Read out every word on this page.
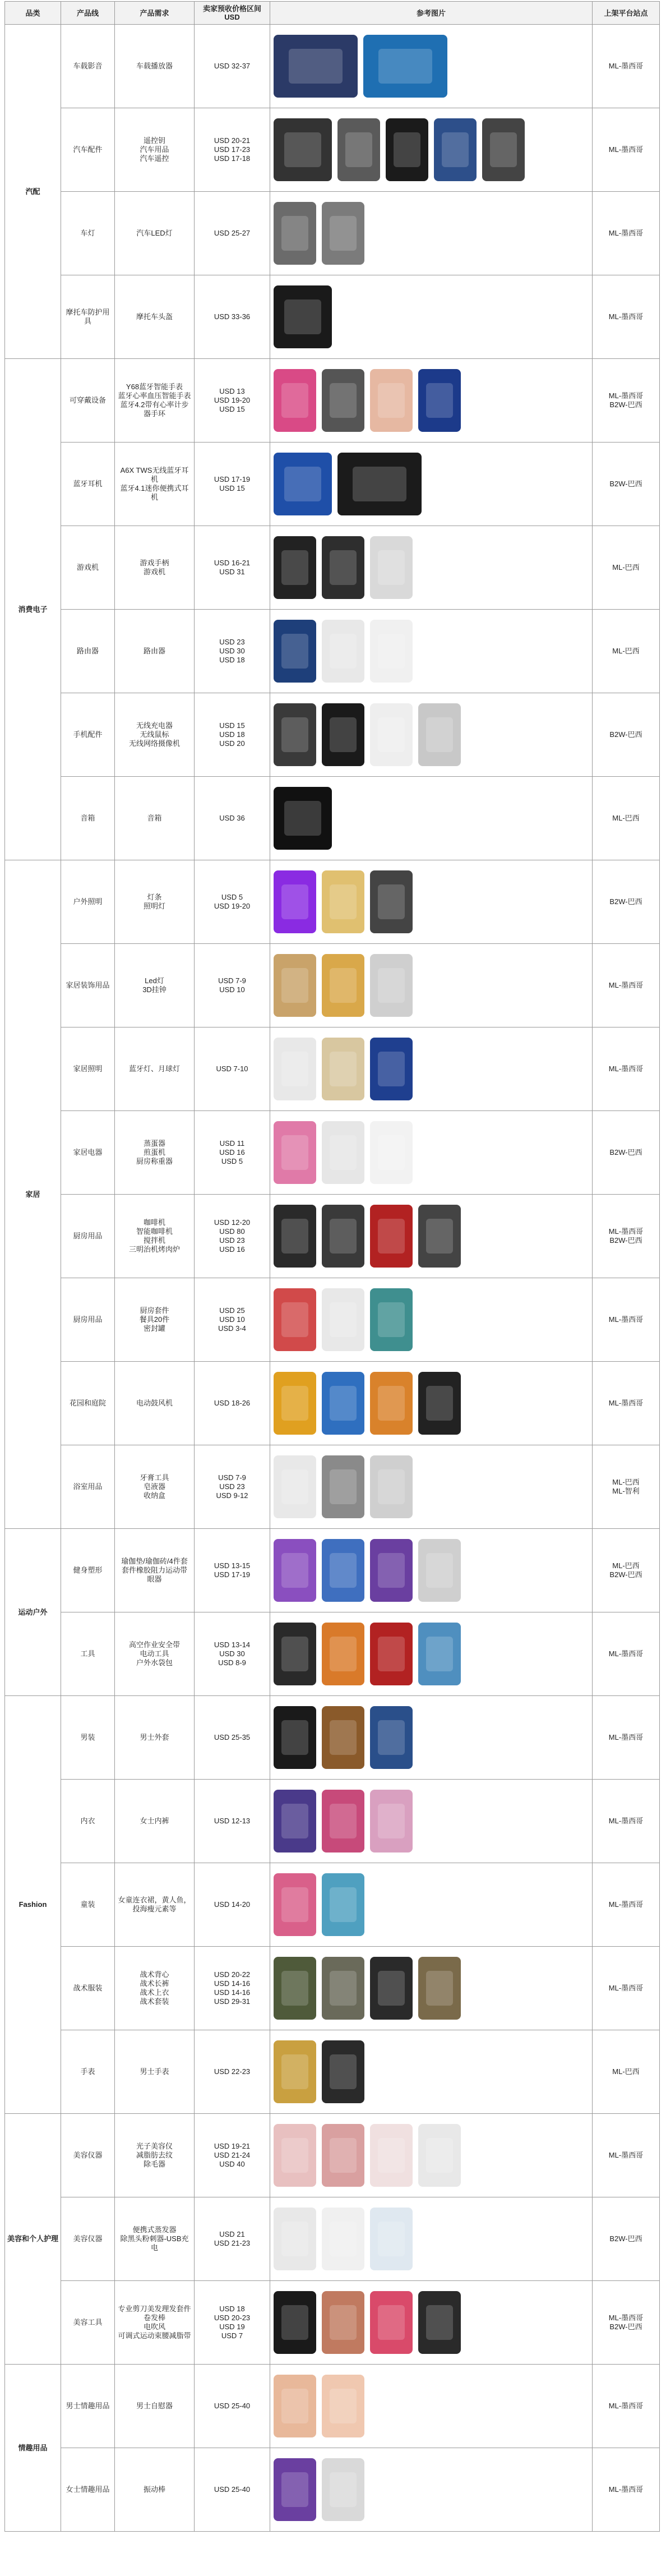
品类	产品线	产品需求	卖家预收价格区间 USD	参考图片	上架平台站点
汽配	车载影音	车载播放器	USD 32-37		ML-墨西哥
	汽车配件	遥控钥
汽车用品
汽车遥控	USD 20-21
USD 17-23
USD 17-18		ML-墨西哥
	车灯	汽车LED灯	USD 25-27		ML-墨西哥
	摩托车防护用具	摩托车头盔	USD 33-36		ML-墨西哥
消费电子	可穿戴设备	Y68蓝牙智能手表
蓝牙心率血压智能手表
蓝牙4.2带有心率计步器手环	USD 13
USD 19-20
USD 15		ML-墨西哥
B2W-巴西
	蓝牙耳机	A6X TWS无线蓝牙耳机
蓝牙4.1迷你便携式耳机	USD 17-19
USD 15		B2W-巴西
	游戏机	游戏手柄
游戏机	USD 16-21
USD 31		ML-巴西
	路由器	路由器	USD 23
USD 30
USD 18		ML-巴西
	手机配件	无线充电器
无线鼠标
无线网络摄像机	USD 15
USD 18
USD 20		B2W-巴西
	音箱	音箱	USD 36		ML-巴西
家居	户外照明	灯条
照明灯	USD 5
USD 19-20		B2W-巴西
	家居装饰用品	Led灯
3D挂钟	USD 7-9
USD 10		ML-墨西哥
	家居照明	蓝牙灯、月球灯	USD 7-10		ML-墨西哥
	家居电器	蒸蛋器
煎蛋机
厨房称重器	USD 11
USD 16
USD 5		B2W-巴西
	厨房用品	咖啡机
智能咖啡机
搅拌机
三明治机烤肉炉	USD 12-20
USD 80
USD 23
USD 16		ML-墨西哥
B2W-巴西
	厨房用品	厨房套件
餐具20件
密封罐	USD 25
USD 10
USD 3-4		ML-墨西哥
	花园和庭院	电动鼓风机	USD 18-26		ML-墨西哥
	浴室用品	牙膏工具
皂液器
收纳盒	USD 7-9
USD 23
USD 9-12		ML-巴西
ML-智利
运动户外	健身塑形	瑜伽垫/瑜伽砖/4件套
套件橡胶阻力运动带
眼器	USD 13-15
USD 17-19		ML-巴西
B2W-巴西
	工具	高空作业安全带
电动工具
户外水袋包	USD 13-14
USD 30
USD 8-9		ML-墨西哥
Fashion	男装	男士外套	USD 25-35		ML-墨西哥
	内衣	女士内裤	USD 12-13		ML-墨西哥
	童装	女童连衣裙，黄人鱼，投海瘦元素等	USD 14-20		ML-墨西哥
	战术服装	战术背心
战术长裤
战术上衣
战术套装	USD 20-22
USD 14-16
USD 14-16
USD 29-31		ML-墨西哥
	手表	男士手表	USD 22-23		ML-巴西
美容和个人护理	美容仪器	光子美容仪
减脂肪去纹
除毛器	USD 19-21
USD 21-24
USD 40		ML-墨西哥
	美容仪器	便携式蒸发器
除黑头粉刺器-USB充电	USD 21
USD 21-23		B2W-巴西
	美容工具	专业剪刀美发理发套件
卷发棒
电吹风
可调式运动束腰减脂带	USD 18
USD 20-23
USD 19
USD 7		ML-墨西哥
B2W-巴西
情趣用品	男士情趣用品	男士自慰器	USD 25-40		ML-墨西哥
	女士情趣用品	振动棒	USD 25-40		ML-墨西哥
